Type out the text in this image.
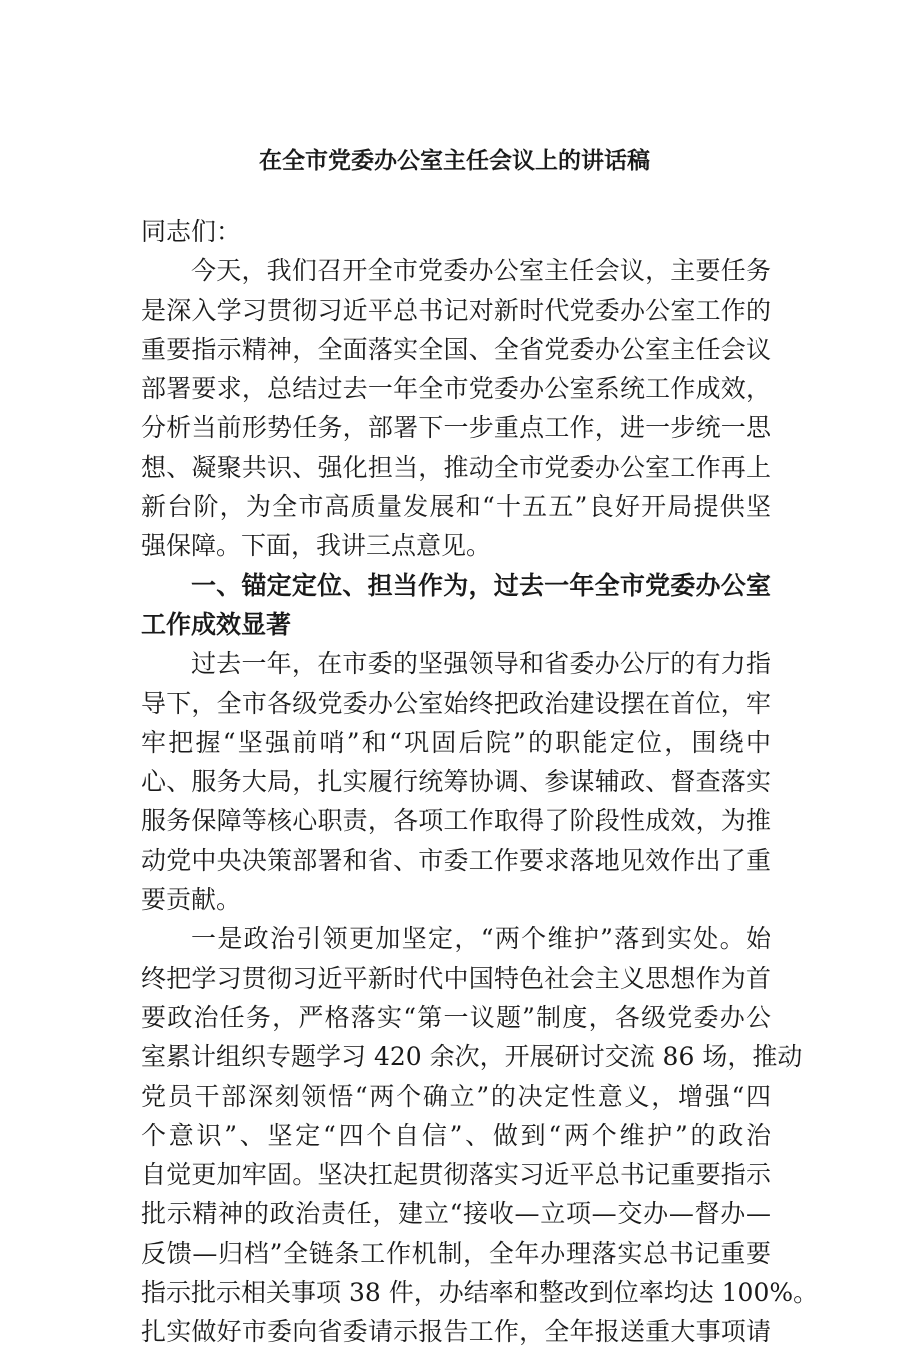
在全市党委办公室主任会议上的讲话稿
同志们：
今天，我们召开全市党委办公室主任会议，主要任务
是深入学习贯彻习近平总书记对新时代党委办公室工作的
重要指示精神，全面落实全国、全省党委办公室主任会议
部署要求，总结过去一年全市党委办公室系统工作成效，
分析当前形势任务，部署下一步重点工作，进一步统一思
想、凝聚共识、强化担当，推动全市党委办公室工作再上
新台阶，为全市高质量发展和“十五五”良好开局提供坚
强保障。下面，我讲三点意见。
一、锚定定位、担当作为，过去一年全市党委办公室
工作成效显著
过去一年，在市委的坚强领导和省委办公厅的有力指
导下，全市各级党委办公室始终把政治建设摆在首位，牢
牢把握“坚强前哨”和“巩固后院”的职能定位，围绕中
心、服务大局，扎实履行统筹协调、参谋辅政、督查落实
服务保障等核心职责，各项工作取得了阶段性成效，为推
动党中央决策部署和省、市委工作要求落地见效作出了重
要贡献。
一是政治引领更加坚定，“两个维护”落到实处。始
终把学习贯彻习近平新时代中国特色社会主义思想作为首
要政治任务，严格落实“第一议题”制度，各级党委办公
室累计组织专题学习 420 余次，开展研讨交流 86 场，推动
党员干部深刻领悟“两个确立”的决定性意义，增强“四
个意识”、坚定“四个自信”、做到“两个维护”的政治
自觉更加牢固。坚决扛起贯彻落实习近平总书记重要指示
批示精神的政治责任，建立“接收—立项—交办—督办—
反馈—归档”全链条工作机制，全年办理落实总书记重要
指示批示相关事项 38 件，办结率和整改到位率均达 100%。
扎实做好市委向省委请示报告工作，全年报送重大事项请
